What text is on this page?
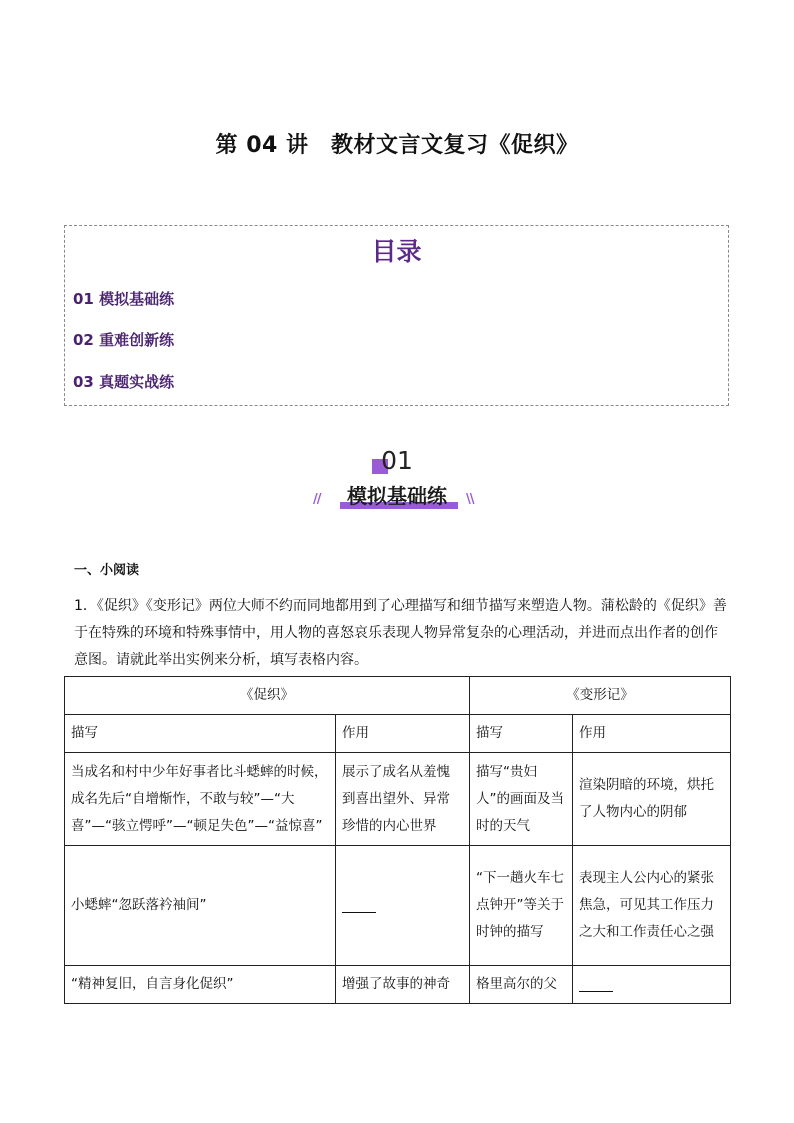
第 04 讲　教材文言文复习《促织》
目录
01 模拟基础练
02 重难创新练
03 真题实战练
01
模拟基础练
//	\\
一、小阅读
1．《促织》《变形记》两位大师不约而同地都用到了心理描写和细节描写来塑造人物。蒲松龄的《促织》善于在特殊的环境和特殊事情中，用人物的喜怒哀乐表现人物异常复杂的心理活动，并进而点出作者的创作意图。请就此举出实例来分析，填写表格内容。
《促织》		《变形记》	
描写	作用	描写	作用
当成名和村中少年好事者比斗蟋蟀的时候，成名先后“自增惭怍，不敢与较”—“大喜”—“骇立愕呼”—“顿足失色”—“益惊喜”	展示了成名从羞愧到喜出望外、异常珍惜的内心世界	描写“贵妇人”的画面及当时的天气	渲染阴暗的环境，烘托了人物内心的阴郁
小蟋蟀“忽跃落衿袖间”		“下一趟火车七点钟开”等关于时钟的描写	表现主人公内心的紧张焦急，可见其工作压力之大和工作责任心之强
“精神复旧，自言身化促织”	增强了故事的神奇	格里高尔的父	
